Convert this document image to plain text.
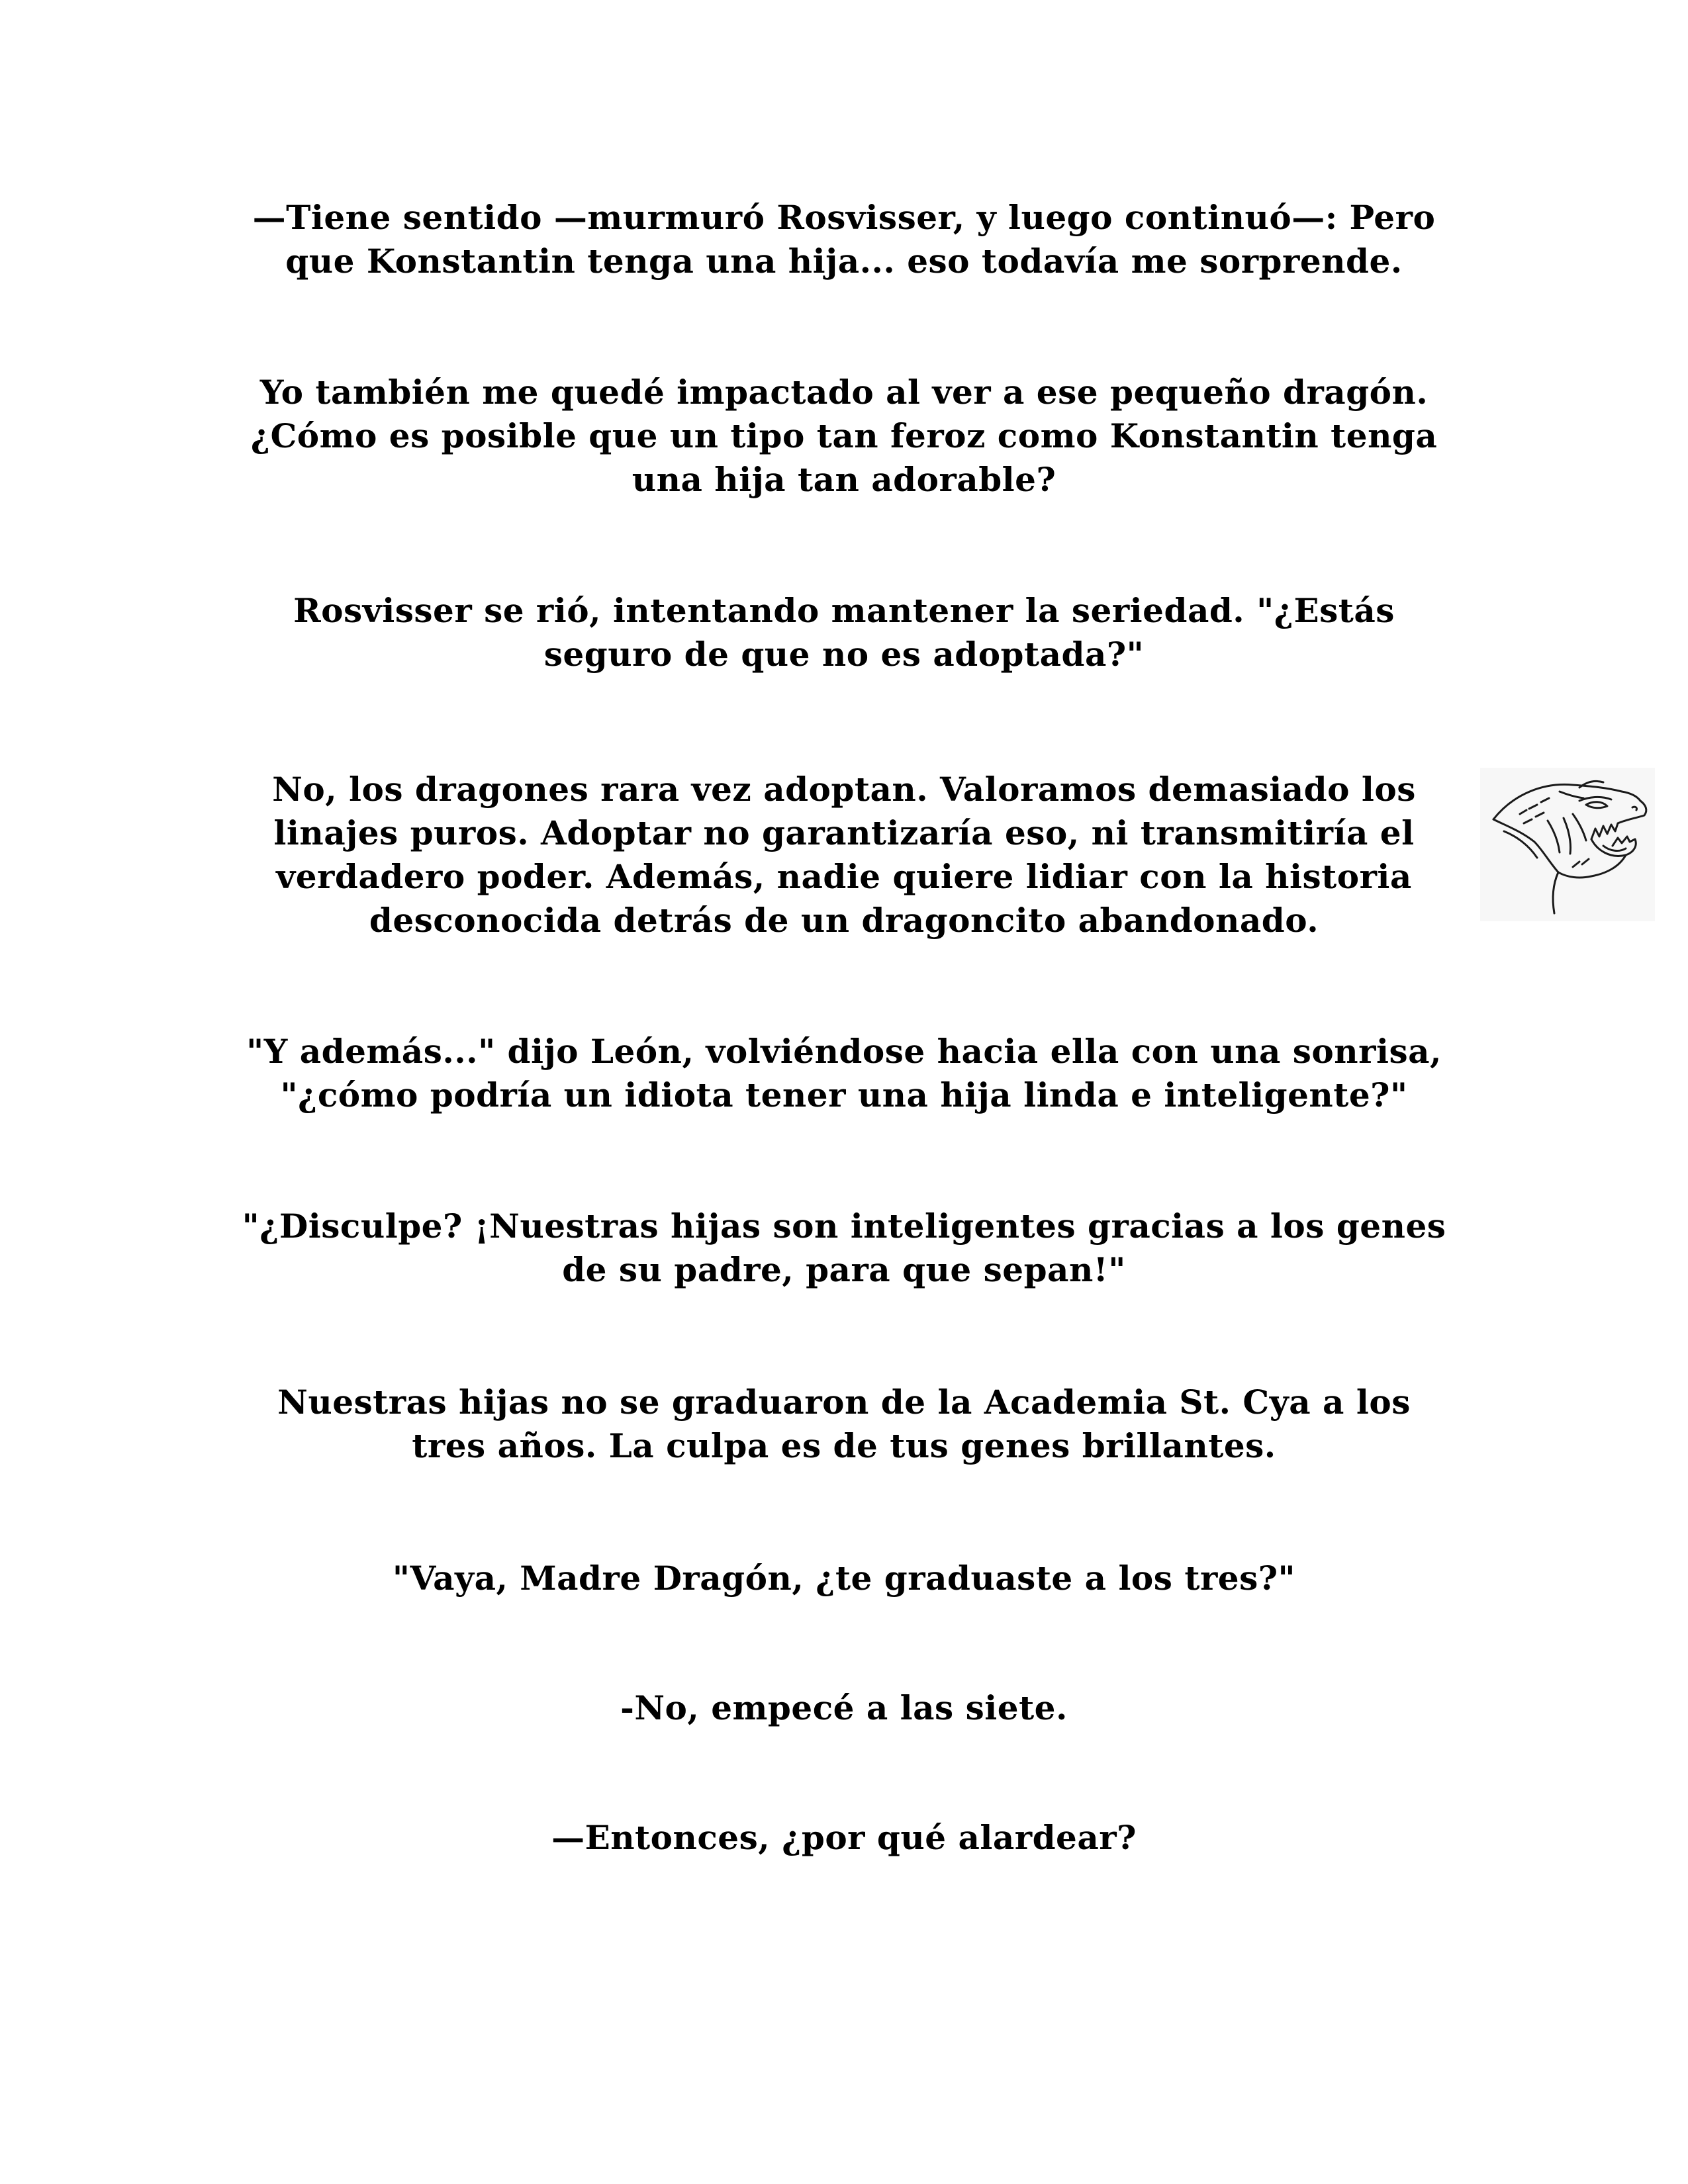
—Tiene sentido —murmuró Rosvisser, y luego continuó—: Pero
que Konstantin tenga una hija... eso todavía me sorprende.
Yo también me quedé impactado al ver a ese pequeño dragón.
¿Cómo es posible que un tipo tan feroz como Konstantin tenga
una hija tan adorable?
Rosvisser se rió, intentando mantener la seriedad. "¿Estás
seguro de que no es adoptada?"
No, los dragones rara vez adoptan. Valoramos demasiado los
linajes puros. Adoptar no garantizaría eso, ni transmitiría el
verdadero poder. Además, nadie quiere lidiar con la historia
desconocida detrás de un dragoncito abandonado.
"Y además..." dijo León, volviéndose hacia ella con una sonrisa,
"¿cómo podría un idiota tener una hija linda e inteligente?"
"¿Disculpe? ¡Nuestras hijas son inteligentes gracias a los genes
de su padre, para que sepan!"
Nuestras hijas no se graduaron de la Academia St. Cya a los
tres años. La culpa es de tus genes brillantes.
"Vaya, Madre Dragón, ¿te graduaste a los tres?"
-No, empecé a las siete.
—Entonces, ¿por qué alardear?
